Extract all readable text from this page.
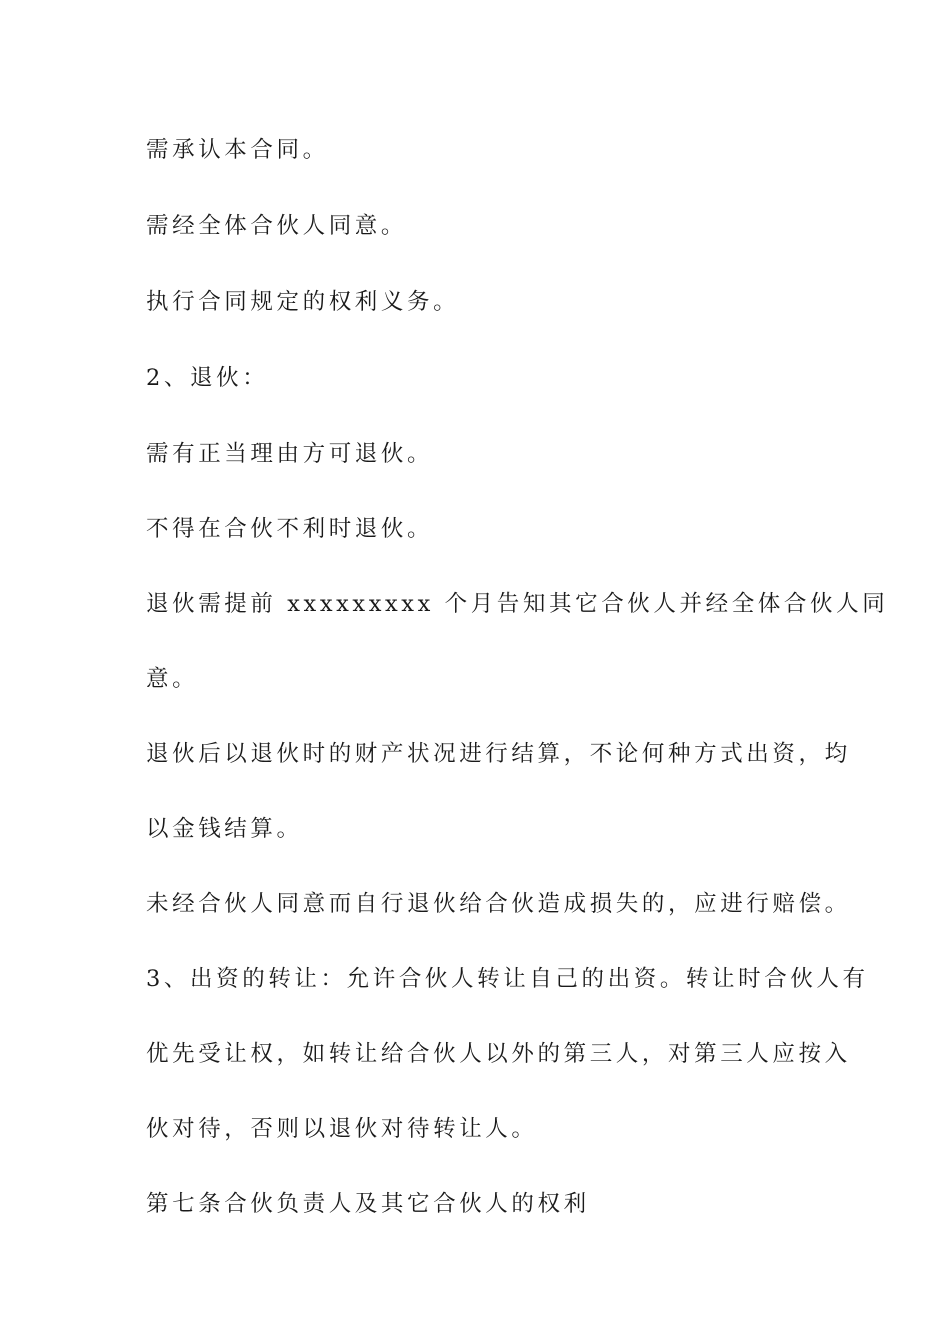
需承认本合同。

需经全体合伙人同意。

执行合同规定的权利义务。

2、退伙：

需有正当理由方可退伙。

不得在合伙不利时退伙。

退伙需提前 xxxxxxxxx 个月告知其它合伙人并经全体合伙人同

意。

退伙后以退伙时的财产状况进行结算，不论何种方式出资，均

以金钱结算。

未经合伙人同意而自行退伙给合伙造成损失的，应进行赔偿。

3、出资的转让：允许合伙人转让自己的出资。转让时合伙人有

优先受让权，如转让给合伙人以外的第三人，对第三人应按入

伙对待，否则以退伙对待转让人。

第七条合伙负责人及其它合伙人的权利
